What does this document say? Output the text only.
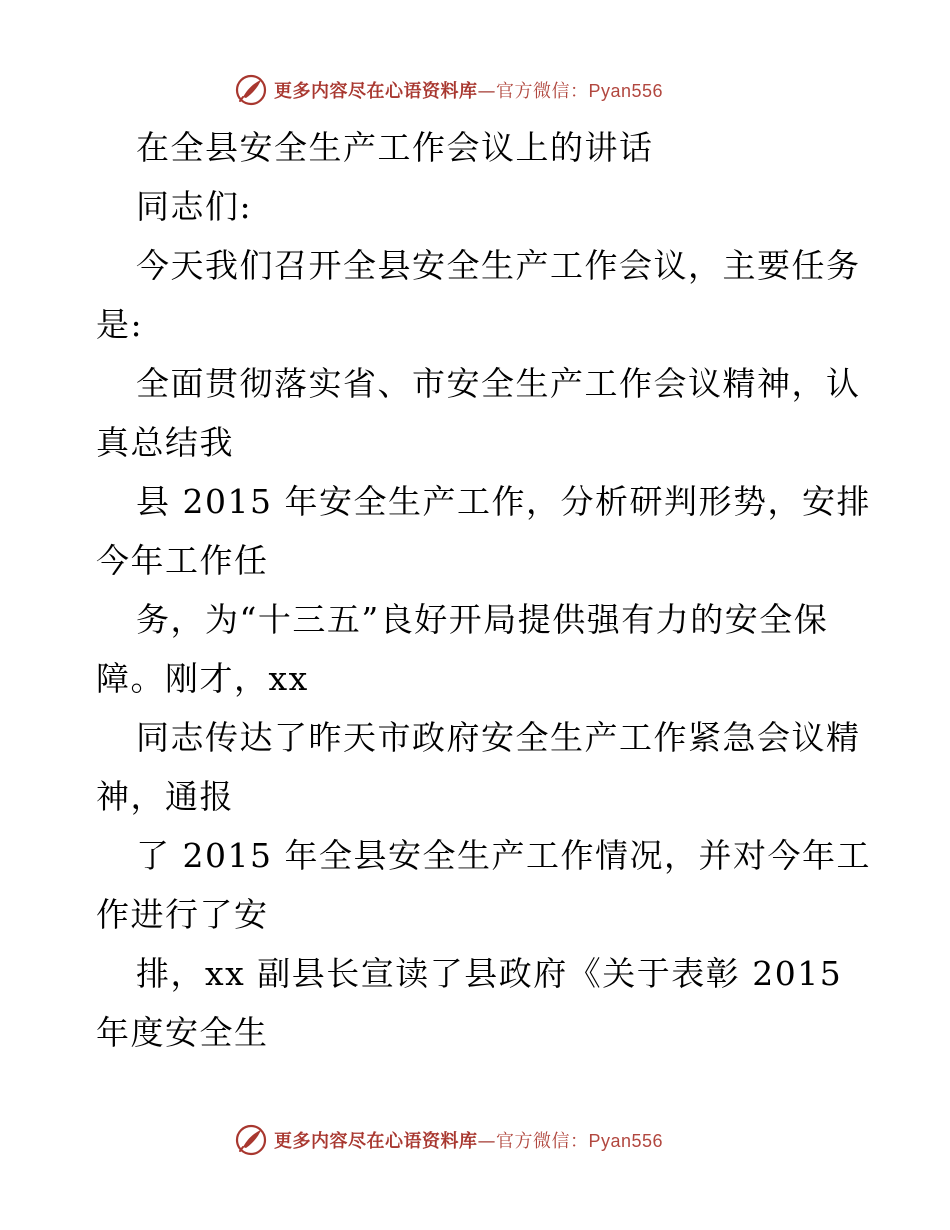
更多内容尽在心语资料库—官方微信：Pyan556
在全县安全生产工作会议上的讲话
同志们:
今天我们召开全县安全生产工作会议，主要任务
是:
全面贯彻落实省、市安全生产工作会议精神，认
真总结我
县 2015 年安全生产工作，分析研判形势，安排
今年工作任
务，为“十三五”良好开局提供强有力的安全保
障。刚才，xx
同志传达了昨天市政府安全生产工作紧急会议精
神，通报
了 2015 年全县安全生产工作情况，并对今年工
作进行了安
排，xx 副县长宣读了县政府《关于表彰 2015
年度安全生
更多内容尽在心语资料库—官方微信：Pyan556
